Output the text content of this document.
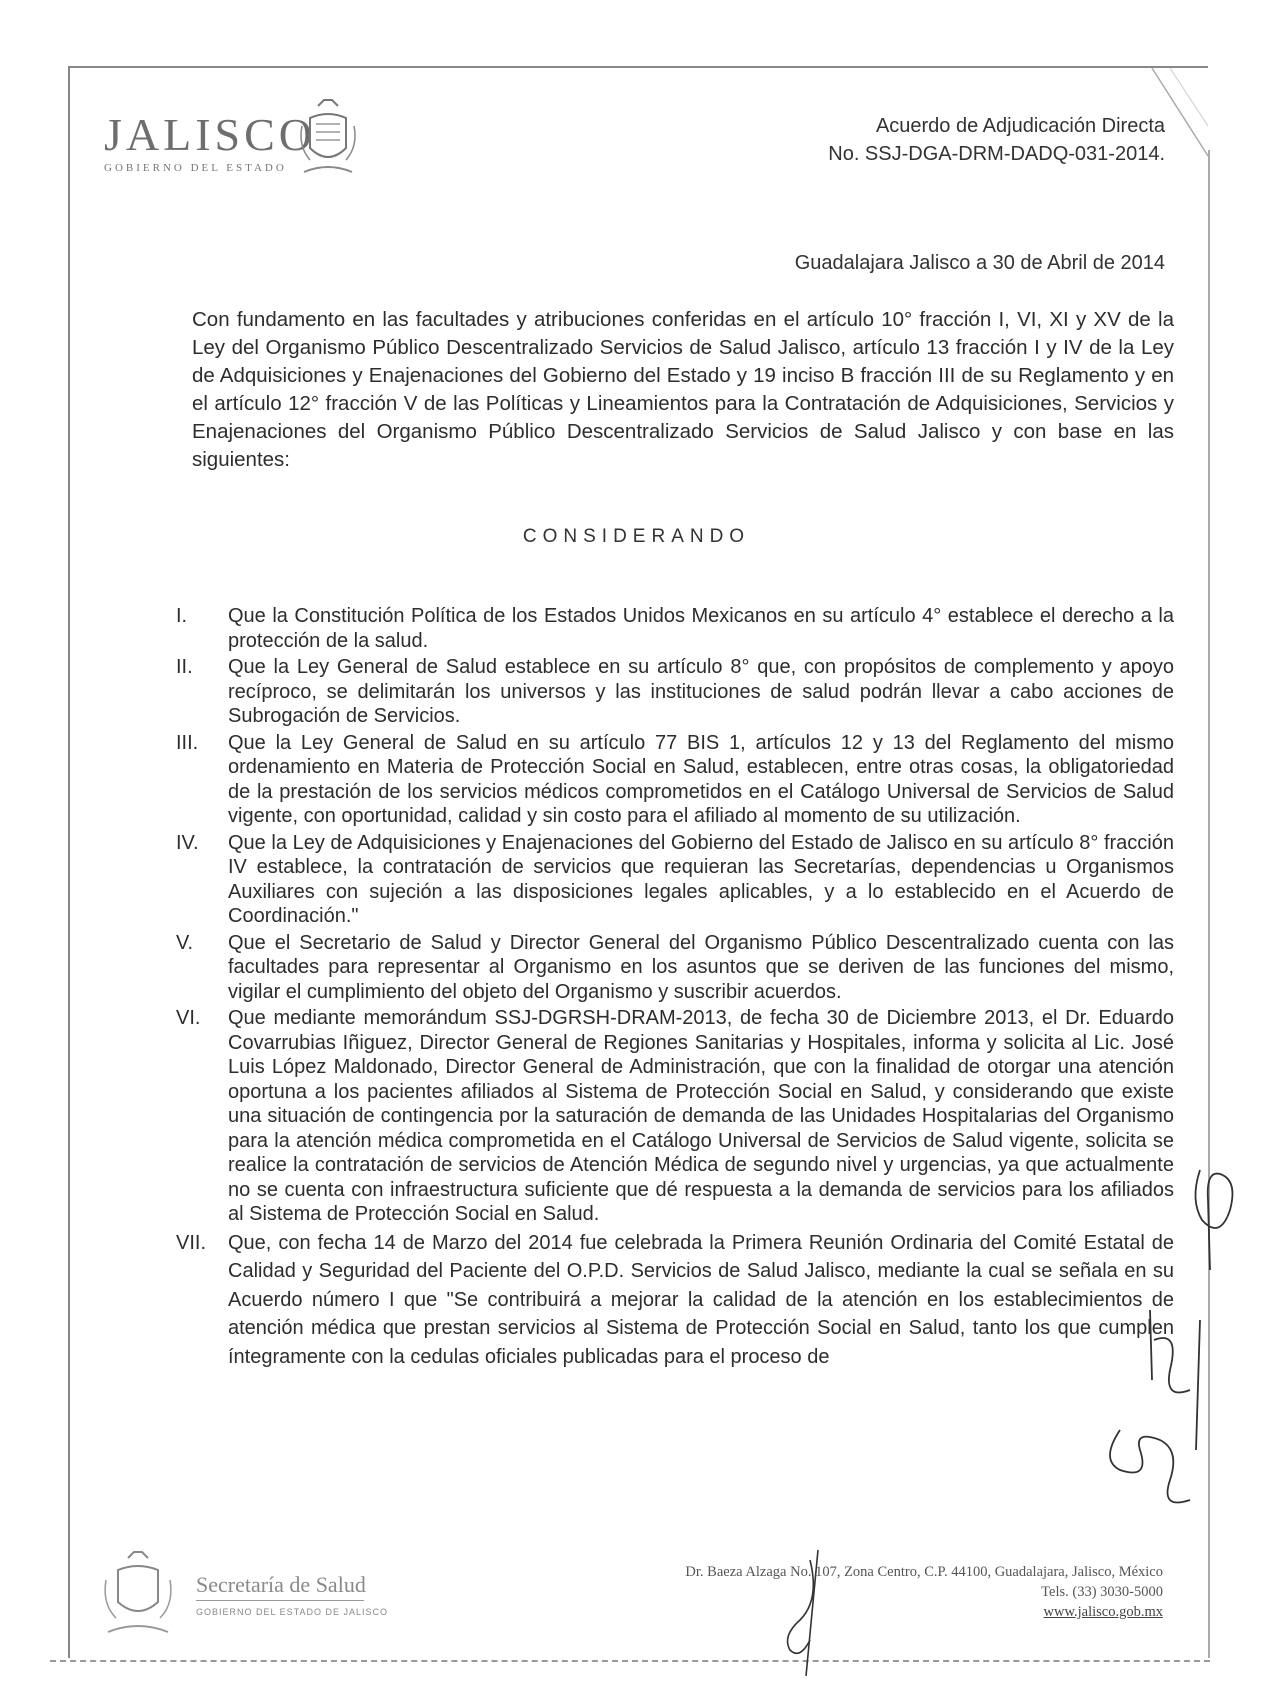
JALISCO
GOBIERNO DEL ESTADO
Acuerdo de Adjudicación Directa
No. SSJ-DGA-DRM-DADQ-031-2014.
Guadalajara Jalisco a 30 de Abril de 2014
Con fundamento en las facultades y atribuciones conferidas en el artículo 10° fracción I, VI, XI y XV de la Ley del Organismo Público Descentralizado Servicios de Salud Jalisco, artículo 13 fracción I y IV de la Ley de Adquisiciones y Enajenaciones del Gobierno del Estado y 19 inciso B fracción III de su Reglamento y en el artículo 12° fracción V de las Políticas y Lineamientos para la Contratación de Adquisiciones, Servicios y Enajenaciones del Organismo Público Descentralizado Servicios de Salud Jalisco y con base en las siguientes:
CONSIDERANDO
I. Que la Constitución Política de los Estados Unidos Mexicanos en su artículo 4° establece el derecho a la protección de la salud.
II. Que la Ley General de Salud establece en su artículo 8° que, con propósitos de complemento y apoyo recíproco, se delimitarán los universos y las instituciones de salud podrán llevar a cabo acciones de Subrogación de Servicios.
III. Que la Ley General de Salud en su artículo 77 BIS 1, artículos 12 y 13 del Reglamento del mismo ordenamiento en Materia de Protección Social en Salud, establecen, entre otras cosas, la obligatoriedad de la prestación de los servicios médicos comprometidos en el Catálogo Universal de Servicios de Salud vigente, con oportunidad, calidad y sin costo para el afiliado al momento de su utilización.
IV. Que la Ley de Adquisiciones y Enajenaciones del Gobierno del Estado de Jalisco en su artículo 8° fracción IV establece, la contratación de servicios que requieran las Secretarías, dependencias u Organismos Auxiliares con sujeción a las disposiciones legales aplicables, y a lo establecido en el Acuerdo de Coordinación."
V. Que el Secretario de Salud y Director General del Organismo Público Descentralizado cuenta con las facultades para representar al Organismo en los asuntos que se deriven de las funciones del mismo, vigilar el cumplimiento del objeto del Organismo y suscribir acuerdos.
VI. Que mediante memorándum SSJ-DGRSH-DRAM-2013, de fecha 30 de Diciembre 2013, el Dr. Eduardo Covarrubias Iñiguez, Director General de Regiones Sanitarias y Hospitales, informa y solicita al Lic. José Luis López Maldonado, Director General de Administración, que con la finalidad de otorgar una atención oportuna a los pacientes afiliados al Sistema de Protección Social en Salud, y considerando que existe una situación de contingencia por la saturación de demanda de las Unidades Hospitalarias del Organismo para la atención médica comprometida en el Catálogo Universal de Servicios de Salud vigente, solicita se realice la contratación de servicios de Atención Médica de segundo nivel y urgencias, ya que actualmente no se cuenta con infraestructura suficiente que dé respuesta a la demanda de servicios para los afiliados al Sistema de Protección Social en Salud.
VII. Que, con fecha 14 de Marzo del 2014 fue celebrada la Primera Reunión Ordinaria del Comité Estatal de Calidad y Seguridad del Paciente del O.P.D. Servicios de Salud Jalisco, mediante la cual se señala en su Acuerdo número I que "Se contribuirá a mejorar la calidad de la atención en los establecimientos de atención médica que prestan servicios al Sistema de Protección Social en Salud, tanto los que cumplen íntegramente con la cedulas oficiales publicadas para el proceso de
Secretaría de Salud
GOBIERNO DEL ESTADO DE JALISCO
Dr. Baeza Alzaga No. 107, Zona Centro, C.P. 44100, Guadalajara, Jalisco, México
Tels. (33) 3030-5000
www.jalisco.gob.mx
